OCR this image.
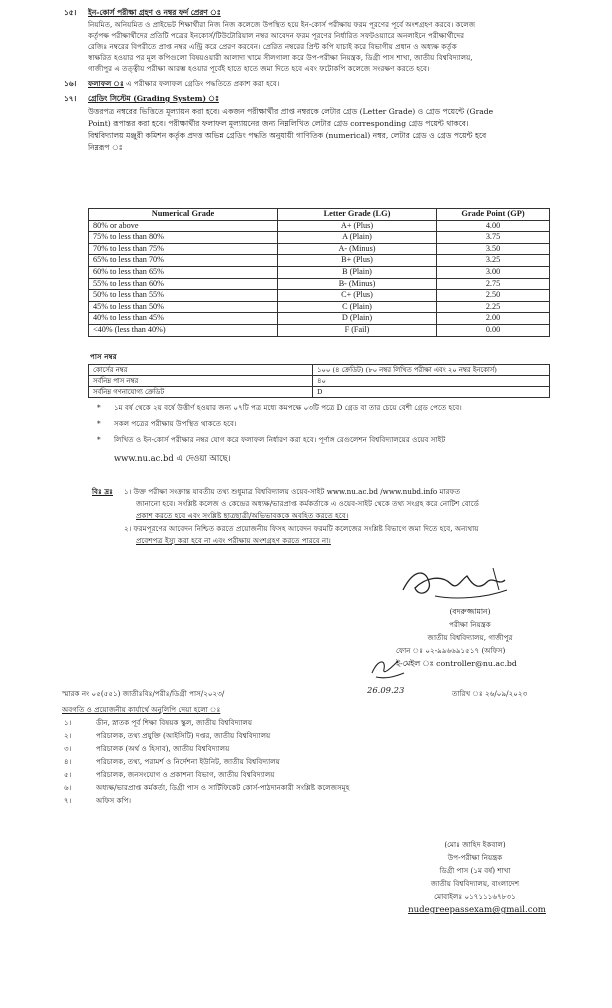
১৫।	ইন-কোর্স পরীক্ষা গ্রহণ ও নম্বর ফর্দ প্রেরণ ঃ
নিয়মিত, অনিয়মিত ও প্রাইভেট শিক্ষার্থীরা নিজ নিজ কলেজে উপস্থিত হয়ে ইন-কোর্স পরীক্ষায় ফরম পূরণের পূর্বে অংশগ্রহণ করবে। কলেজ
কর্তৃপক্ষ পরীক্ষার্থীদের প্রতিটি পত্রের ইনকোর্স/টিউটোরিয়াল নম্বর আবেদন ফরম পূরণের নির্ধারিত সফটওয়্যারে অনলাইনে পরীক্ষার্থীদের
রেজিঃ নম্বরের বিপরীতে প্রাপ্ত নম্বর এন্ট্রি করে প্রেরণ করবেন। প্রেরিত নম্বরের প্রিন্ট কপি যাচাই করে বিভাগীয় প্রধান ও অধ্যক্ষ কর্তৃক
স্বাক্ষরিত হওয়ার পর মূল কপিগুলো বিষয়ওয়ারী আলাদা খামে সীলগালা করে উপ-পরীক্ষা নিয়ন্ত্রক, ডিগ্রী পাস শাখা, জাতীয় বিশ্ববিদ্যালয়,
গাজীপুর এ তত্ত্বীয় পরীক্ষা আরম্ভ হওয়ার পূর্বেই হাতে হাতে জমা দিতে হবে এবং ফটোকপি কলেজে সংরক্ষণ করতে হবে।
১৬।	ফলাফল ঃ এ পরীক্ষার ফলাফল গ্রেডিং পদ্ধতিতে প্রকাশ করা হবে।
১৭।	গ্রেডিং সিস্টেম (Grading System) ঃ
উত্তরপত্র নম্বরের ভিত্তিতে মূল্যায়ন করা হবে। একজন পরীক্ষার্থীর প্রাপ্ত নম্বরকে লেটার গ্রেড (Letter Grade) ও গ্রেড পয়েন্টে (Grade
Point) রূপান্তর করা হবে। পরীক্ষার্থীর ফলাফল মূল্যায়নের জন্য নিম্নলিখিত লেটার গ্রেড corresponding গ্রেড পয়েন্ট থাকবে।
বিশ্ববিদ্যালয় মঞ্জুরী কমিশন কর্তৃক প্রদত্ত অভিন্ন গ্রেডিং পদ্ধতি অনুযায়ী গাণিতিক (numerical) নম্বর, লেটার গ্রেড ও গ্রেড পয়েন্ট হবে
নিম্নরূপ ঃ
Numerical Grade	Letter Grade (LG)	Grade Point (GP)
80% or above	A+ (Plus)	4.00
75% to less than 80%	A (Plain)	3.75
70% to less than 75%	A- (Minus)	3.50
65% to less than 70%	B+ (Plus)	3.25
60% to less than 65%	B (Plain)	3.00
55% to less than 60%	B- (Minus)	2.75
50% to less than 55%	C+ (Plus)	2.50
45% to less than 50%	C (Plain)	2.25
40% to less than 45%	D (Plain)	2.00
<40% (less than 40%)	F (Fail)	0.00
পাস নম্বর
কোর্সের নম্বর	১০০ (৪ ক্রেডিট) (৮০ নম্বর লিখিত পরীক্ষা এবং ২০ নম্বর ইনকোর্স)
সর্বনিম্ন পাস নম্বর	৪০
সর্বনিম্ন গণনাযোগ্য ক্রেডিট	D
* ১ম বর্ষ থেকে ২য় বর্ষে উত্তীর্ণ হওয়ার জন্য ০৭টি পত্র মধ্যে কমপক্ষে ০৩টি পত্রে D গ্রেড বা তার চেয়ে বেশী গ্রেড পেতে হবে।
* সকল পত্রের পরীক্ষায় উপস্থিত থাকতে হবে।
* লিখিত ও ইন-কোর্স পরীক্ষার নম্বর যোগ করে ফলাফল নির্ধারণ করা হবে। পূর্ণাঙ্গ রেগুলেশন বিশ্ববিদ্যালয়ের ওয়েব সাইট
www.nu.ac.bd এ দেওয়া আছে।
বিঃ দ্রঃ ১। উক্ত পরীক্ষা সংক্রান্ত যাবতীয় তথ্য শুধুমাত্র বিশ্ববিদ্যালয় ওয়েব-সাইট www.nu.ac.bd /www.nubd.info মারফত
জানানো হবে। সংশ্লিষ্ট কলেজ ও কেন্দ্রের অধ্যক্ষ/ভারপ্রাপ্ত কর্মকর্তাকে এ ওয়েব-সাইট থেকে তথ্য সংগ্রহ করে নোটিশ বোর্ডে
প্রকাশ করতে হবে এবং সংশ্লিষ্ট ছাত্রছাত্রী/অভিভাবককে অবহিত করতে হবে।
২। ফরমপূরণের আবেদন নিশ্চিত করতে প্রয়োজনীয় ফিসহ আবেদন ফরমটি কলেজের সংশ্লিষ্ট বিভাগে জমা দিতে হবে, অন্যথায়
প্রবেশপত্র ইস্যু করা হবে না এবং পরীক্ষায় অংশগ্রহণ করতে পারবে না।
(বদরুজ্জামান)
পরীক্ষা নিয়ন্ত্রক
জাতীয় বিশ্ববিদ্যালয়, গাজীপুর
ফোন ঃ ০২-৯৯৬৬৯১৫১৭ (অফিস)
ই-মেইল ঃ controller@nu.ac.bd
26.09.23
স্মারক নং ০৫(৫৫১) জাতীঃবিঃ/পরীঃ/ডিগ্রী পাস/২০২৩/	তারিখ ঃ ২৬/০৯/২০২৩
অবগতি ও প্রয়োজনীয় কার্যার্থে অনুলিপি দেয়া হলো ঃ
১।	ডীন, স্নাতক পূর্ব শিক্ষা বিষয়ক স্কুল, জাতীয় বিশ্ববিদ্যালয়
২।	পরিচালক, তথ্য প্রযুক্তি (আইসিটি) দপ্তর, জাতীয় বিশ্ববিদ্যালয়
৩।	পরিচালক (অর্থ ও হিসাব), জাতীয় বিশ্ববিদ্যালয়
৪।	পরিচালক, তথ্য, পরামর্শ ও নির্দেশনা ইউনিট, জাতীয় বিশ্ববিদ্যালয়
৫।	পরিচালক, জনসংযোগ ও প্রকাশনা বিভাগ, জাতীয় বিশ্ববিদ্যালয়
৬।	অধ্যক্ষ/ভারপ্রাপ্ত কর্মকর্তা, ডিগ্রী পাস ও সার্টিফিকেট কোর্স-পাঠদানকারী সংশ্লিষ্ট কলেজসমূহ
৭।	অফিস কপি।
(মোঃ জাহিদ ইকবাল)
উপ-পরীক্ষা নিয়ন্ত্রক
ডিগ্রী পাস (১ম বর্ষ) শাখা
জাতীয় বিশ্ববিদ্যালয়, বাংলাদেশ
মোবাইলঃ ০১৭১১১৬৭৮৩১
nudegreepassexam@gmail.com
